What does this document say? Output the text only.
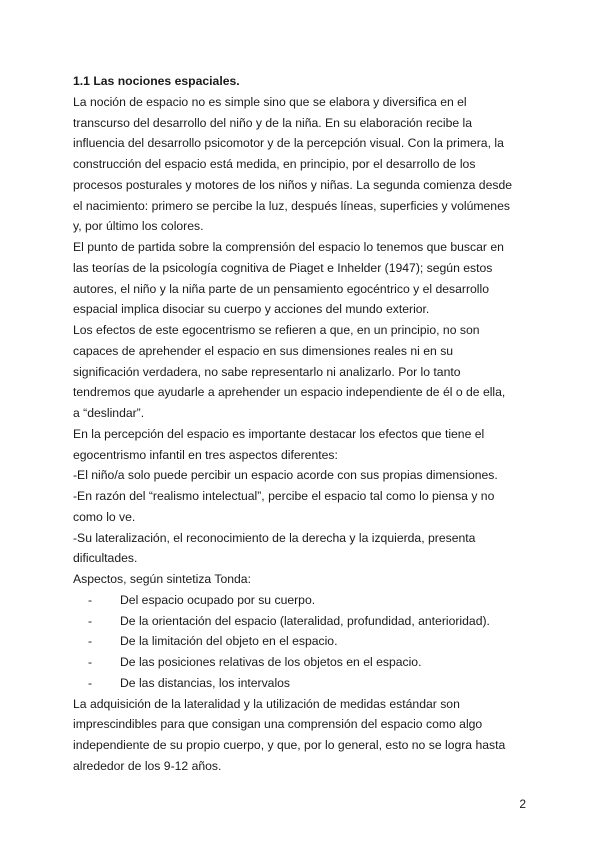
1.1 Las nociones espaciales.

La noción de espacio no es simple sino que se elabora y diversifica en el transcurso del desarrollo del niño y de la niña. En su elaboración recibe la influencia del desarrollo psicomotor y de la percepción visual. Con la primera, la construcción del espacio está medida, en principio, por el desarrollo de los procesos posturales y motores de los niños y niñas. La segunda comienza desde el nacimiento: primero se percibe la luz, después líneas, superficies y volúmenes y, por último los colores.

El punto de partida sobre la comprensión del espacio lo tenemos que buscar en las teorías de la psicología cognitiva de Piaget e Inhelder (1947); según estos autores, el niño y la niña parte de un pensamiento egocéntrico y el desarrollo espacial implica disociar su cuerpo y acciones del mundo exterior.

Los efectos de este egocentrismo se refieren a que, en un principio, no son capaces de aprehender el espacio en sus dimensiones reales ni en su significación verdadera, no sabe representarlo ni analizarlo. Por lo tanto tendremos que ayudarle a aprehender un espacio independiente de él o de ella, a “deslindar”.

En la percepción del espacio es importante destacar los efectos que tiene el egocentrismo infantil en tres aspectos diferentes:

-El niño/a solo puede percibir un espacio acorde con sus propias dimensiones.

-En razón del “realismo intelectual”, percibe el espacio tal como lo piensa y no como lo ve.

-Su lateralización, el reconocimiento de la derecha y la izquierda, presenta dificultades.

Aspectos, según sintetiza Tonda:

- Del espacio ocupado por su cuerpo.
- De la orientación del espacio (lateralidad, profundidad, anterioridad).
- De la limitación del objeto en el espacio.
- De las posiciones relativas de los objetos en el espacio.
- De las distancias, los intervalos

La adquisición de la lateralidad y la utilización de medidas estándar son imprescindibles para que consigan una comprensión del espacio como algo independiente de su propio cuerpo, y que, por lo general, esto no se logra hasta alrededor de los 9-12 años.

2
